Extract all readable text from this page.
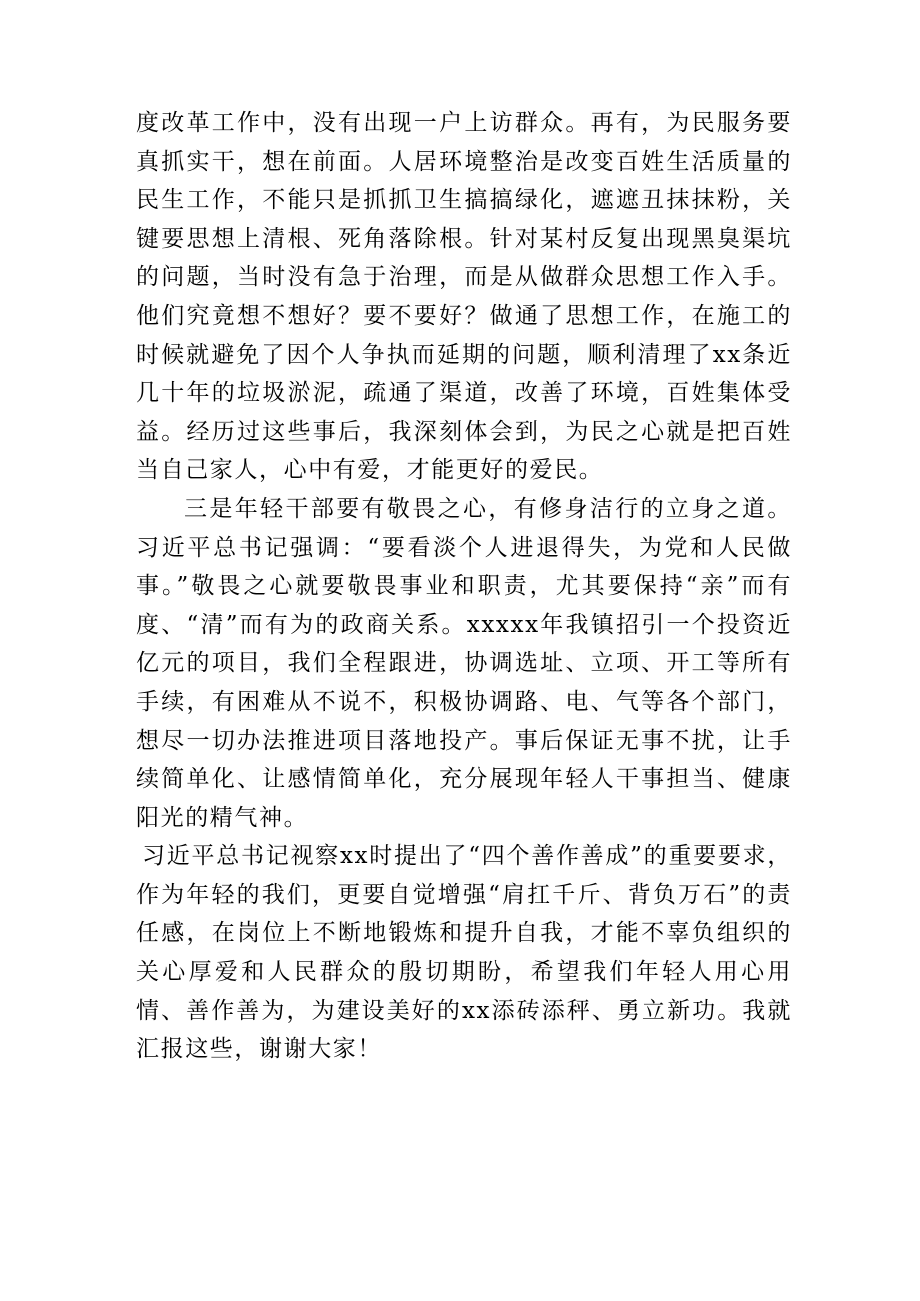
度改革工作中，没有出现一户上访群众。再有，为民服务要真抓实干，想在前面。人居环境整治是改变百姓生活质量的民生工作，不能只是抓抓卫生搞搞绿化，遮遮丑抹抹粉，关键要思想上清根、死角落除根。针对某村反复出现黑臭渠坑的问题，当时没有急于治理，而是从做群众思想工作入手。他们究竟想不想好？要不要好？做通了思想工作，在施工的时候就避免了因个人争执而延期的问题，顺利清理了xx条近几十年的垃圾淤泥，疏通了渠道，改善了环境，百姓集体受益。经历过这些事后，我深刻体会到，为民之心就是把百姓当自己家人，心中有爱，才能更好的爱民。

三是年轻干部要有敬畏之心，有修身洁行的立身之道。习近平总书记强调：“要看淡个人进退得失，为党和人民做事。”敬畏之心就要敬畏事业和职责，尤其要保持“亲”而有度、“清”而有为的政商关系。xxxxx年我镇招引一个投资近亿元的项目，我们全程跟进，协调选址、立项、开工等所有手续，有困难从不说不，积极协调路、电、气等各个部门，想尽一切办法推进项目落地投产。事后保证无事不扰，让手续简单化、让感情简单化，充分展现年轻人干事担当、健康阳光的精气神。

习近平总书记视察xx时提出了“四个善作善成”的重要要求，作为年轻的我们，更要自觉增强“肩扛千斤、背负万石”的责任感，在岗位上不断地锻炼和提升自我，才能不辜负组织的关心厚爱和人民群众的殷切期盼，希望我们年轻人用心用情、善作善为，为建设美好的xx添砖添秤、勇立新功。我就汇报这些，谢谢大家！
